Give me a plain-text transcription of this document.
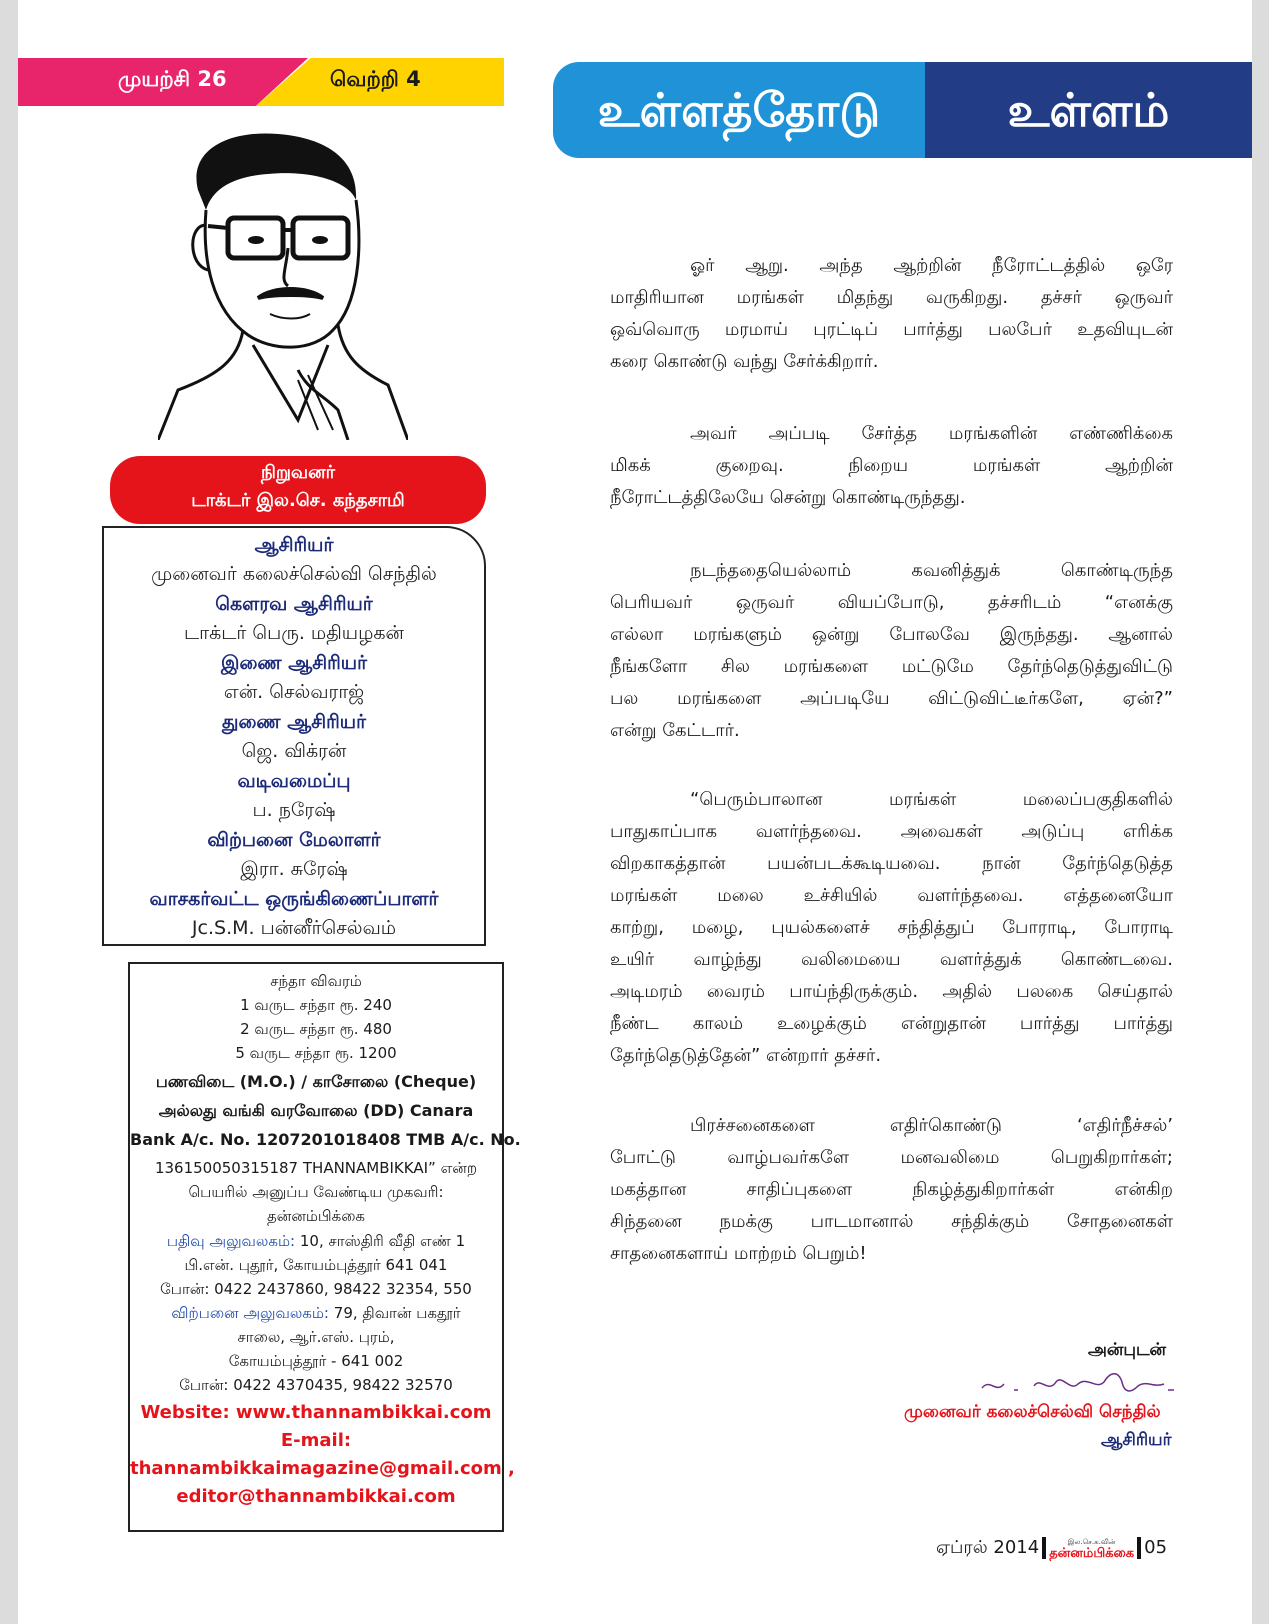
முயற்சி 26	வெற்றி 4
நிறுவனர்
டாக்டர் இல.செ. கந்தசாமி
ஆசிரியர்
முனைவர் கலைச்செல்வி செந்தில்
கௌரவ ஆசிரியர்
டாக்டர் பெரு. மதியழகன்
இணை ஆசிரியர்
என். செல்வராஜ்
துணை ஆசிரியர்
ஜெ. விக்ரன்
வடிவமைப்பு
ப. நரேஷ்
விற்பனை மேலாளர்
இரா. சுரேஷ்
வாசகர்வட்ட ஒருங்கிணைப்பாளர்
Jc.S.M. பன்னீர்செல்வம்
சந்தா விவரம்
1 வருட சந்தா ரூ. 240
2 வருட சந்தா ரூ. 480
5 வருட சந்தா ரூ. 1200
பணவிடை (M.O.) / காசோலை (Cheque)
அல்லது வங்கி வரவோலை (DD) Canara
Bank A/c. No. 1207201018408 TMB A/c. No.
136150050315187 THANNAMBIKKAI” என்ற
பெயரில் அனுப்ப வேண்டிய முகவரி:
தன்னம்பிக்கை
பதிவு அலுவலகம்: 10, சாஸ்திரி வீதி எண் 1
பி.என். புதூர், கோயம்புத்தூர் 641 041
போன்: 0422 2437860, 98422 32354, 550
விற்பனை அலுவலகம்: 79, திவான் பகதூர்
சாலை, ஆர்.எஸ். புரம்,
கோயம்புத்தூர் - 641 002
போன்: 0422 4370435, 98422 32570
Website: www.thannambikkai.com
E-mail:
thannambikkaimagazine@gmail.com ,
editor@thannambikkai.com
உள்ளத்தோடு	உள்ளம்
ஓர் ஆறு. அந்த ஆற்றின் நீரோட்டத்தில் ஒரே
மாதிரியான மரங்கள் மிதந்து வருகிறது. தச்சர் ஒருவர்
ஒவ்வொரு மரமாய் புரட்டிப் பார்த்து பலபேர் உதவியுடன்
கரை கொண்டு வந்து சேர்க்கிறார்.
அவர் அப்படி சேர்த்த மரங்களின் எண்ணிக்கை
மிகக் குறைவு. நிறைய மரங்கள் ஆற்றின்
நீரோட்டத்திலேயே சென்று கொண்டிருந்தது.
நடந்ததையெல்லாம் கவனித்துக் கொண்டிருந்த
பெரியவர் ஒருவர் வியப்போடு, தச்சரிடம் “எனக்கு
எல்லா மரங்களும் ஒன்று போலவே இருந்தது. ஆனால்
நீங்களோ சில மரங்களை மட்டுமே தேர்ந்தெடுத்துவிட்டு
பல மரங்களை அப்படியே விட்டுவிட்டீர்களே, ஏன்?”
என்று கேட்டார்.
“பெரும்பாலான மரங்கள் மலைப்பகுதிகளில்
பாதுகாப்பாக வளர்ந்தவை. அவைகள் அடுப்பு எரிக்க
விறகாகத்தான் பயன்படக்கூடியவை. நான் தேர்ந்தெடுத்த
மரங்கள் மலை உச்சியில் வளர்ந்தவை. எத்தனையோ
காற்று, மழை, புயல்களைச் சந்தித்துப் போராடி, போராடி
உயிர் வாழ்ந்து வலிமையை வளர்த்துக் கொண்டவை.
அடிமரம் வைரம் பாய்ந்திருக்கும். அதில் பலகை செய்தால்
நீண்ட காலம் உழைக்கும் என்றுதான் பார்த்து பார்த்து
தேர்ந்தெடுத்தேன்” என்றார் தச்சர்.
பிரச்சனைகளை எதிர்கொண்டு ‘எதிர்நீச்சல்’
போட்டு வாழ்பவர்களே மனவலிமை பெறுகிறார்கள்;
மகத்தான சாதிப்புகளை நிகழ்த்துகிறார்கள் என்கிற
சிந்தனை நமக்கு பாடமானால் சந்திக்கும் சோதனைகள்
சாதனைகளாய் மாற்றம் பெறும்!
அன்புடன்
முனைவர் கலைச்செல்வி செந்தில்
ஆசிரியர்
ஏப்ரல் 2014	இல.செ.க.வின்
தன்னம்பிக்கை 05
